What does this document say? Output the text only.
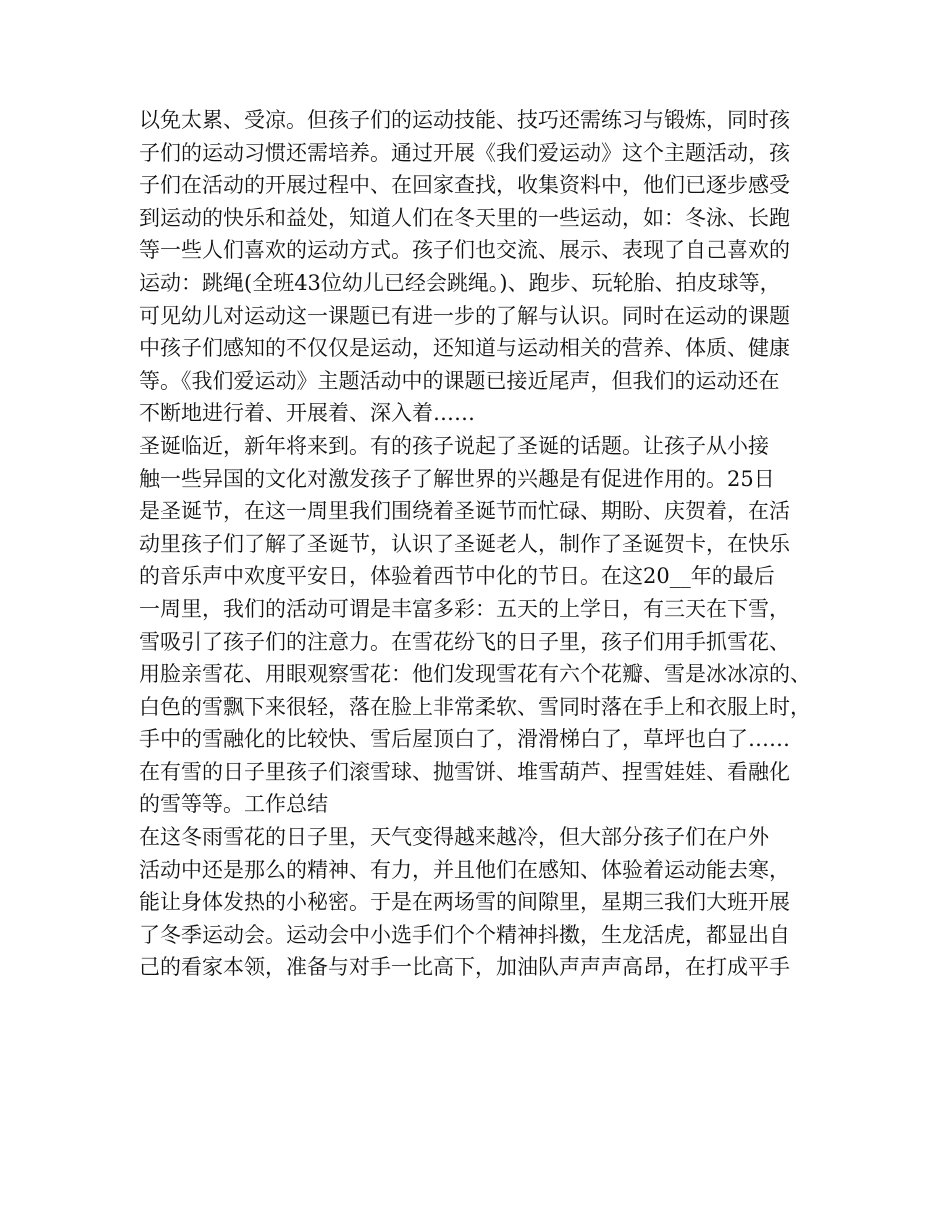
以免太累、受凉。但孩子们的运动技能、技巧还需练习与锻炼，同时孩
子们的运动习惯还需培养。通过开展《我们爱运动》这个主题活动，孩
子们在活动的开展过程中、在回家查找，收集资料中，他们已逐步感受
到运动的快乐和益处，知道人们在冬天里的一些运动，如：冬泳、长跑
等一些人们喜欢的运动方式。孩子们也交流、展示、表现了自己喜欢的
运动：跳绳(全班43位幼儿已经会跳绳。)、跑步、玩轮胎、拍皮球等，
可见幼儿对运动这一课题已有进一步的了解与认识。同时在运动的课题
中孩子们感知的不仅仅是运动，还知道与运动相关的营养、体质、健康
等。《我们爱运动》主题活动中的课题已接近尾声，但我们的运动还在
不断地进行着、开展着、深入着……
圣诞临近，新年将来到。有的孩子说起了圣诞的话题。让孩子从小接
触一些异国的文化对激发孩子了解世界的兴趣是有促进作用的。25日
是圣诞节，在这一周里我们围绕着圣诞节而忙碌、期盼、庆贺着，在活
动里孩子们了解了圣诞节，认识了圣诞老人，制作了圣诞贺卡，在快乐
的音乐声中欢度平安日，体验着西节中化的节日。在这20__年的最后
一周里，我们的活动可谓是丰富多彩：五天的上学日，有三天在下雪，
雪吸引了孩子们的注意力。在雪花纷飞的日子里，孩子们用手抓雪花、
用脸亲雪花、用眼观察雪花：他们发现雪花有六个花瓣、雪是冰冰凉的、
白色的雪飘下来很轻，落在脸上非常柔软、雪同时落在手上和衣服上时，
手中的雪融化的比较快、雪后屋顶白了，滑滑梯白了，草坪也白了……
在有雪的日子里孩子们滚雪球、抛雪饼、堆雪葫芦、捏雪娃娃、看融化
的雪等等。工作总结
在这冬雨雪花的日子里，天气变得越来越冷，但大部分孩子们在户外
活动中还是那么的精神、有力，并且他们在感知、体验着运动能去寒，
能让身体发热的小秘密。于是在两场雪的间隙里，星期三我们大班开展
了冬季运动会。运动会中小选手们个个精神抖擞，生龙活虎，都显出自
己的看家本领，准备与对手一比高下，加油队声声声高昂，在打成平手
